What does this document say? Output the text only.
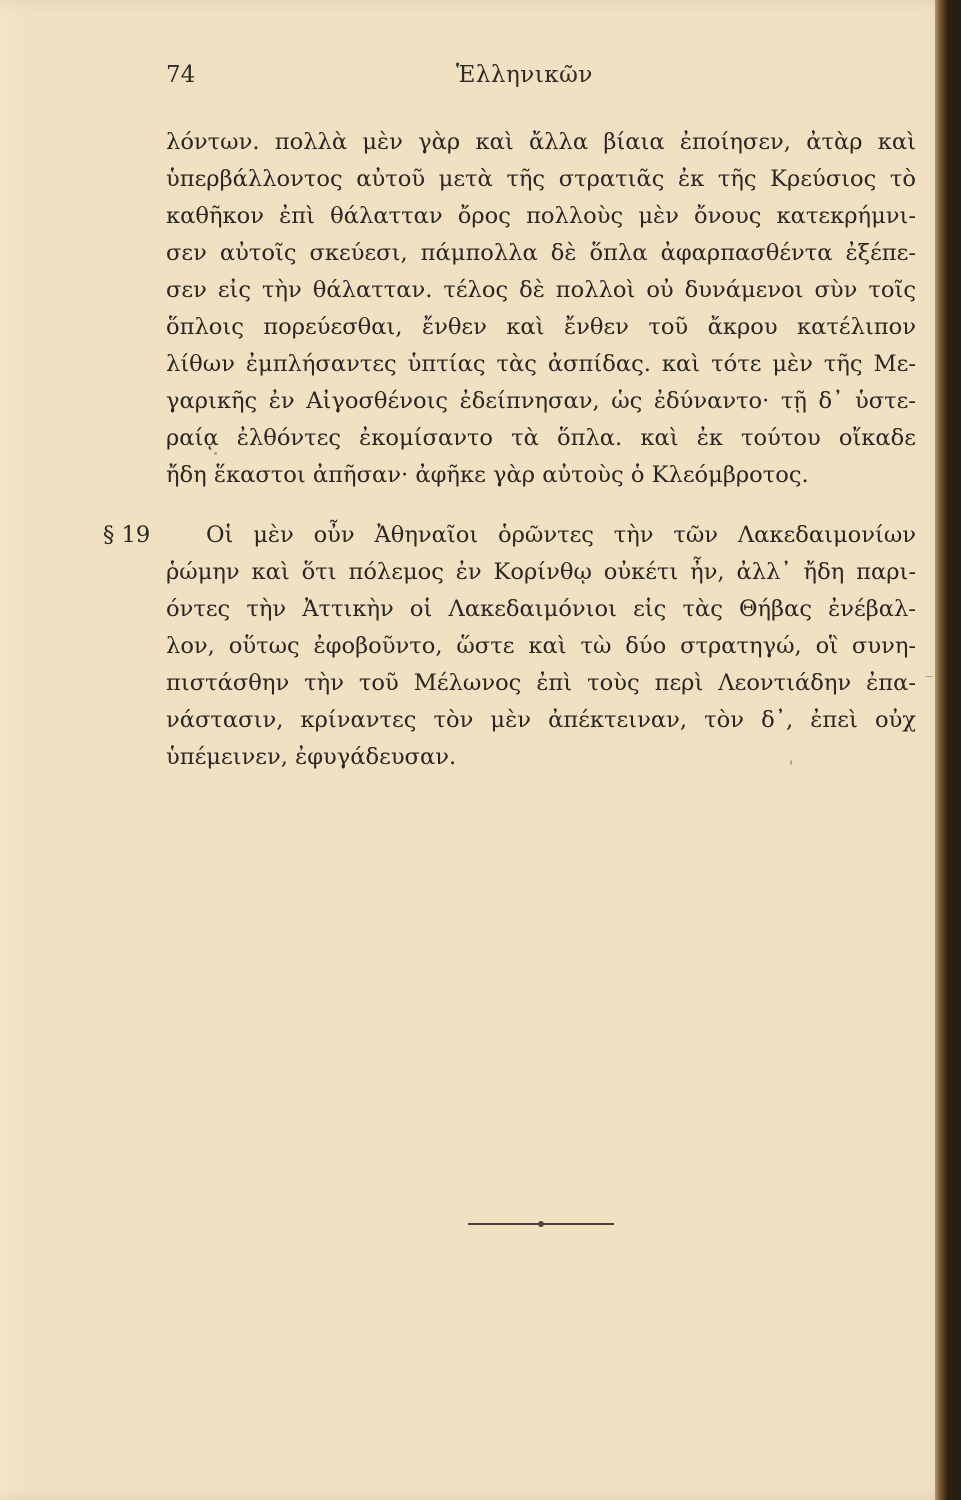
74	Ἑλληνικῶν
λόντων. πολλὰ μὲν γὰρ καὶ ἄλλα βίαια ἐποίησεν, ἀτὰρ καὶ
ὑπερβάλλοντος αὐτοῦ μετὰ τῆς στρατιᾶς ἐκ τῆς Κρεύσιος τὸ
καθῆκον ἐπὶ θάλατταν ὄρος πολλοὺς μὲν ὄνους κατεκρήμνι-
σεν αὐτοῖς σκεύεσι, πάμπολλα δὲ ὅπλα ἀφαρπασθέντα ἐξέπε-
σεν εἰς τὴν θάλατταν. τέλος δὲ πολλοὶ οὐ δυνάμενοι σὺν τοῖς
ὅπλοις πορεύεσθαι, ἔνθεν καὶ ἔνθεν τοῦ ἄκρου κατέλιπον
λίθων ἐμπλήσαντες ὑπτίας τὰς ἀσπίδας. καὶ τότε μὲν τῆς Με-
γαρικῆς ἐν Αἰγοσθένοις ἐδείπνησαν, ὡς ἐδύναντο· τῇ δ᾽ ὑστε-
ραίᾳ ἐλθόντες ἐκομίσαντο τὰ ὅπλα. καὶ ἐκ τούτου οἴκαδε
ἤδη ἕκαστοι ἀπῆσαν· ἀφῆκε γὰρ αὐτοὺς ὁ Κλεόμβροτος.
§ 19 Οἱ μὲν οὖν Ἀθηναῖοι ὁρῶντες τὴν τῶν Λακεδαιμονίων
ῥώμην καὶ ὅτι πόλεμος ἐν Κορίνθῳ οὐκέτι ἦν, ἀλλ᾽ ἤδη παρι-
όντες τὴν Ἀττικὴν οἱ Λακεδαιμόνιοι εἰς τὰς Θήβας ἐνέβαλ-
λον, οὕτως ἐφοβοῦντο, ὥστε καὶ τὼ δύο στρατηγώ, οἳ συνη-
πιστάσθην τὴν τοῦ Μέλωνος ἐπὶ τοὺς περὶ Λεοντιάδην ἐπα-
νάστασιν, κρίναντες τὸν μὲν ἀπέκτειναν, τὸν δ᾽, ἐπεὶ οὐχ
ὑπέμεινεν, ἐφυγάδευσαν.
